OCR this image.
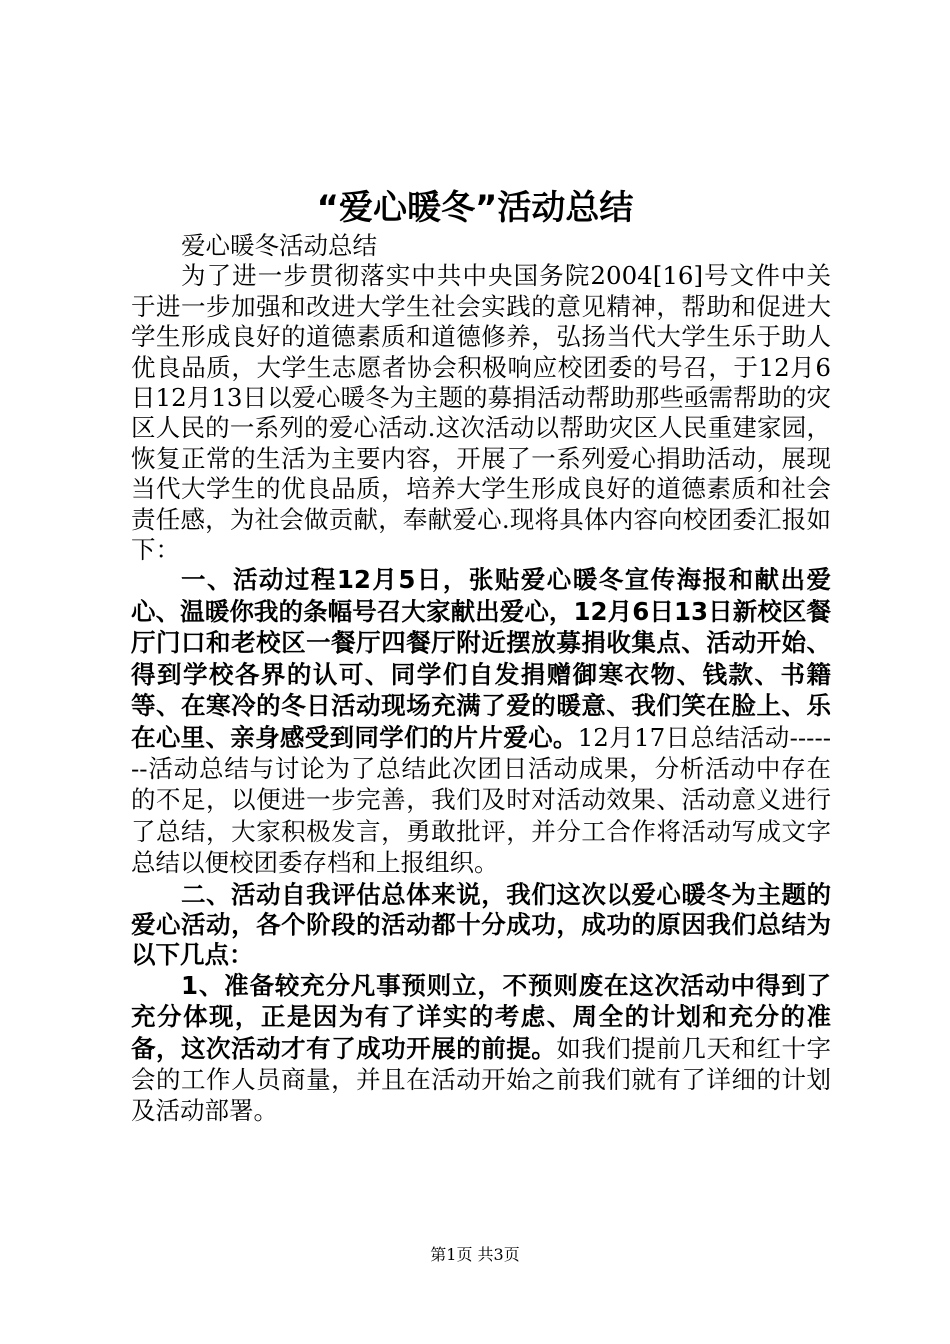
“爱心暖冬”活动总结

爱心暖冬活动总结

为了进一步贯彻落实中共中央国务院2004[16]号文件中关于进一步加强和改进大学生社会实践的意见精神，帮助和促进大学生形成良好的道德素质和道德修养，弘扬当代大学生乐于助人优良品质，大学生志愿者协会积极响应校团委的号召，于12月6日12月13日以爱心暖冬为主题的募捐活动帮助那些亟需帮助的灾区人民的一系列的爱心活动.这次活动以帮助灾区人民重建家园，恢复正常的生活为主要内容，开展了一系列爱心捐助活动，展现当代大学生的优良品质，培养大学生形成良好的道德素质和社会责任感，为社会做贡献，奉献爱心.现将具体内容向校团委汇报如下：

一、活动过程12月5日，张贴爱心暖冬宣传海报和献出爱心、温暖你我的条幅号召大家献出爱心，12月6日13日新校区餐厅门口和老校区一餐厅四餐厅附近摆放募捐收集点、活动开始、得到学校各界的认可、同学们自发捐赠御寒衣物、钱款、书籍等、在寒冷的冬日活动现场充满了爱的暖意、我们笑在脸上、乐在心里、亲身感受到同学们的片片爱心。12月17日总结活动-------活动总结与讨论为了总结此次团日活动成果，分析活动中存在的不足，以便进一步完善，我们及时对活动效果、活动意义进行了总结，大家积极发言，勇敢批评，并分工合作将活动写成文字总结以便校团委存档和上报组织。

二、活动自我评估总体来说，我们这次以爱心暖冬为主题的爱心活动，各个阶段的活动都十分成功，成功的原因我们总结为以下几点：

1、准备较充分凡事预则立，不预则废在这次活动中得到了充分体现，正是因为有了详实的考虑、周全的计划和充分的准备，这次活动才有了成功开展的前提。如我们提前几天和红十字会的工作人员商量，并且在活动开始之前我们就有了详细的计划及活动部署。

第1页 共3页
